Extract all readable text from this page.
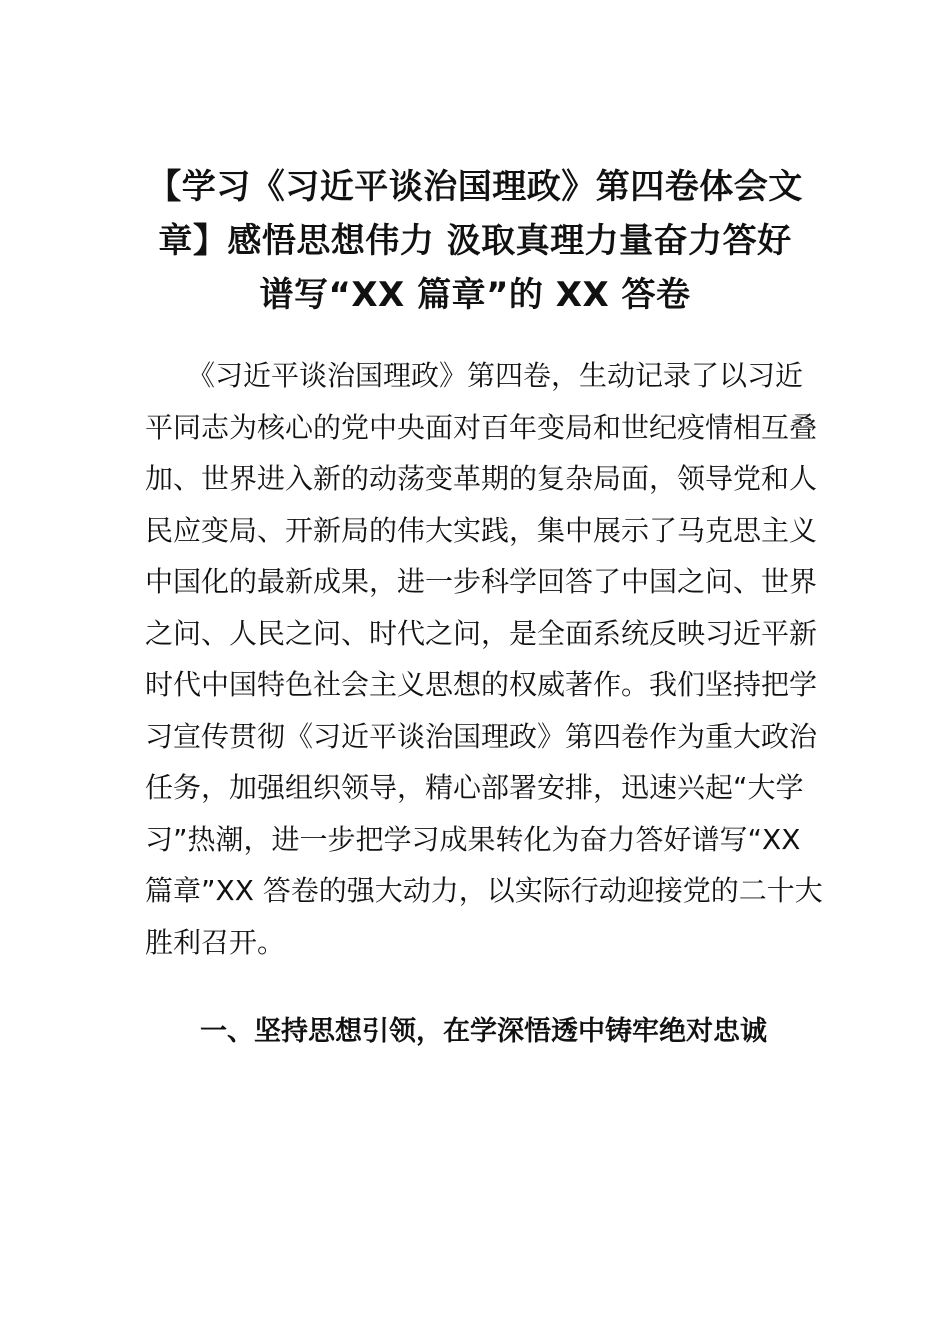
【学习《习近平谈治国理政》第四卷体会文
章】感悟思想伟力 汲取真理力量奋力答好
谱写“XX 篇章”的 XX 答卷
　　《习近平谈治国理政》第四卷，生动记录了以习近
平同志为核心的党中央面对百年变局和世纪疫情相互叠
加、世界进入新的动荡变革期的复杂局面，领导党和人
民应变局、开新局的伟大实践，集中展示了马克思主义
中国化的最新成果，进一步科学回答了中国之问、世界
之问、人民之问、时代之问，是全面系统反映习近平新
时代中国特色社会主义思想的权威著作。我们坚持把学
习宣传贯彻《习近平谈治国理政》第四卷作为重大政治
任务，加强组织领导，精心部署安排，迅速兴起“大学
习”热潮，进一步把学习成果转化为奋力答好谱写“XX
篇章”XX 答卷的强大动力，以实际行动迎接党的二十大
胜利召开。
一、坚持思想引领，在学深悟透中铸牢绝对忠诚
